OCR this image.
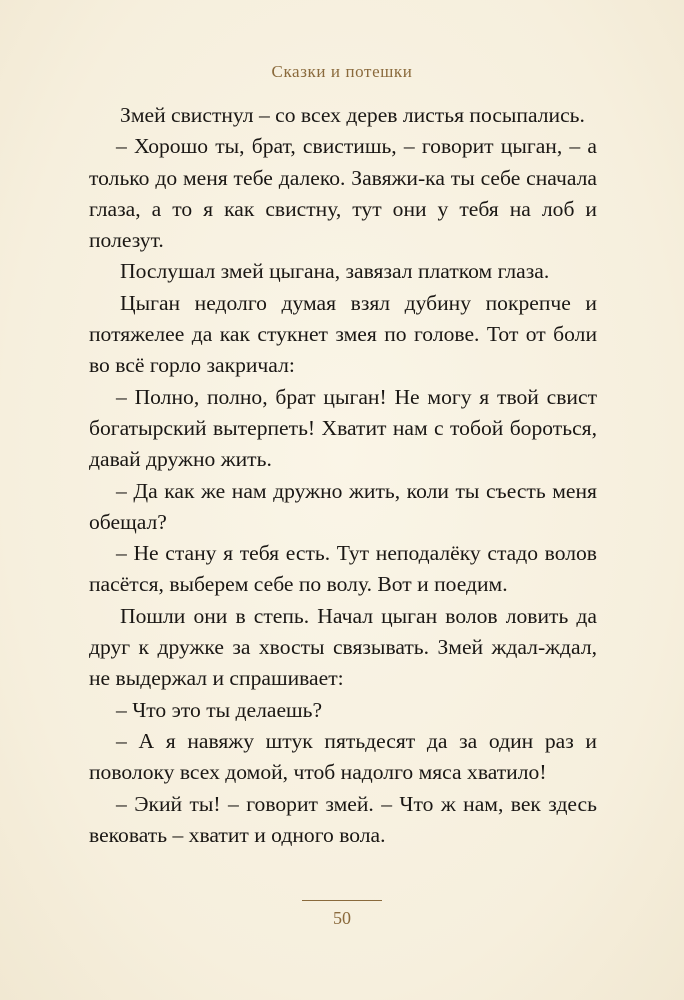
Сказки и потешки

Змей свистнул – со всех дерев листья посыпались.

– Хорошо ты, брат, свистишь, – говорит цыган, – а только до меня тебе далеко. Завяжи-ка ты себе сначала глаза, а то я как свистну, тут они у тебя на лоб и полезут.

Послушал змей цыгана, завязал платком глаза.

Цыган недолго думая взял дубину покрепче и потяжелее да как стукнет змея по голове. Тот от боли во всё горло закричал:

– Полно, полно, брат цыган! Не могу я твой свист богатырский вытерпеть! Хватит нам с тобой бороться, давай дружно жить.

– Да как же нам дружно жить, коли ты съесть меня обещал?

– Не стану я тебя есть. Тут неподалёку стадо волов пасётся, выберем себе по волу. Вот и поедим.

Пошли они в степь. Начал цыган волов ловить да друг к дружке за хвосты связывать. Змей ждал-ждал, не выдержал и спрашивает:

– Что это ты делаешь?

– А я навяжу штук пятьдесят да за один раз и поволоку всех домой, чтоб надолго мяса хватило!

– Экий ты! – говорит змей. – Что ж нам, век здесь вековать – хватит и одного вола.

50
